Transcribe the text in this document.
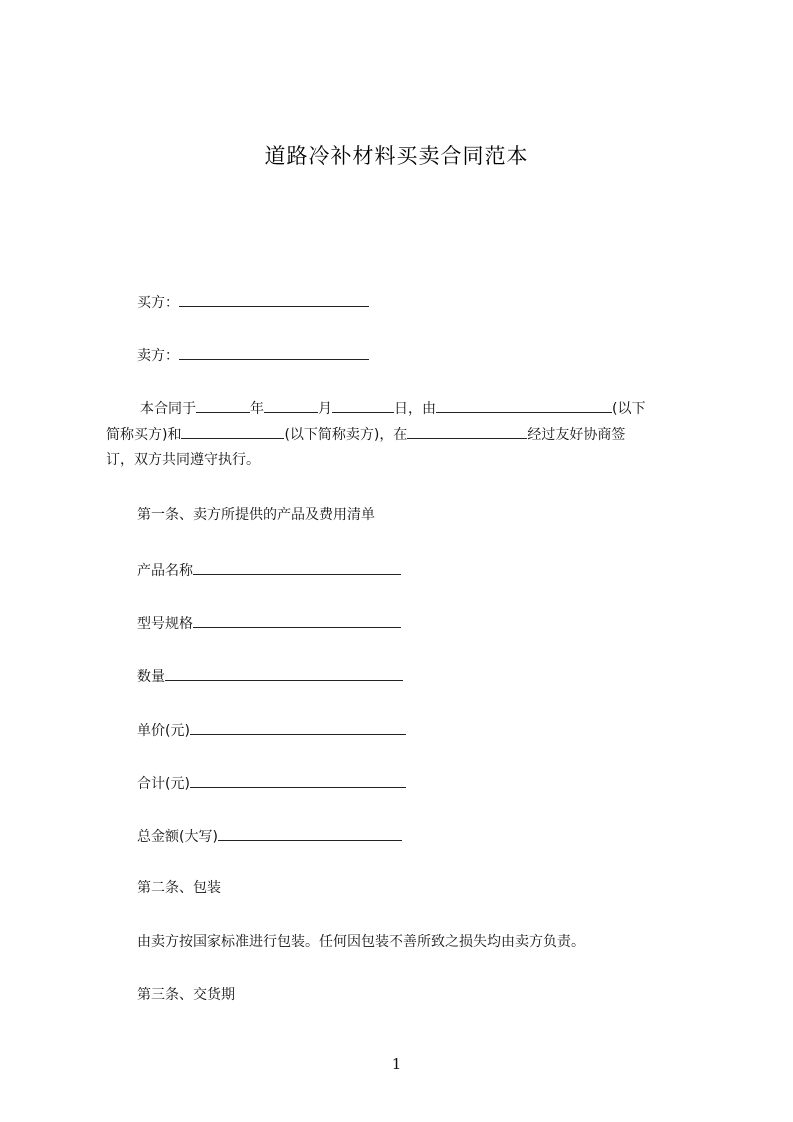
道路冷补材料买卖合同范本
买方：
卖方：
本合同于	年	月	日，由	(以下
简称买方)和	(以下简称卖方)，在	经过友好协商签
订，双方共同遵守执行。
第一条、卖方所提供的产品及费用清单
产品名称
型号规格
数量
单价(元)
合计(元)
总金额(大写)
第二条、包装
由卖方按国家标准进行包装。任何因包装不善所致之损失均由卖方负责。
第三条、交货期
1
